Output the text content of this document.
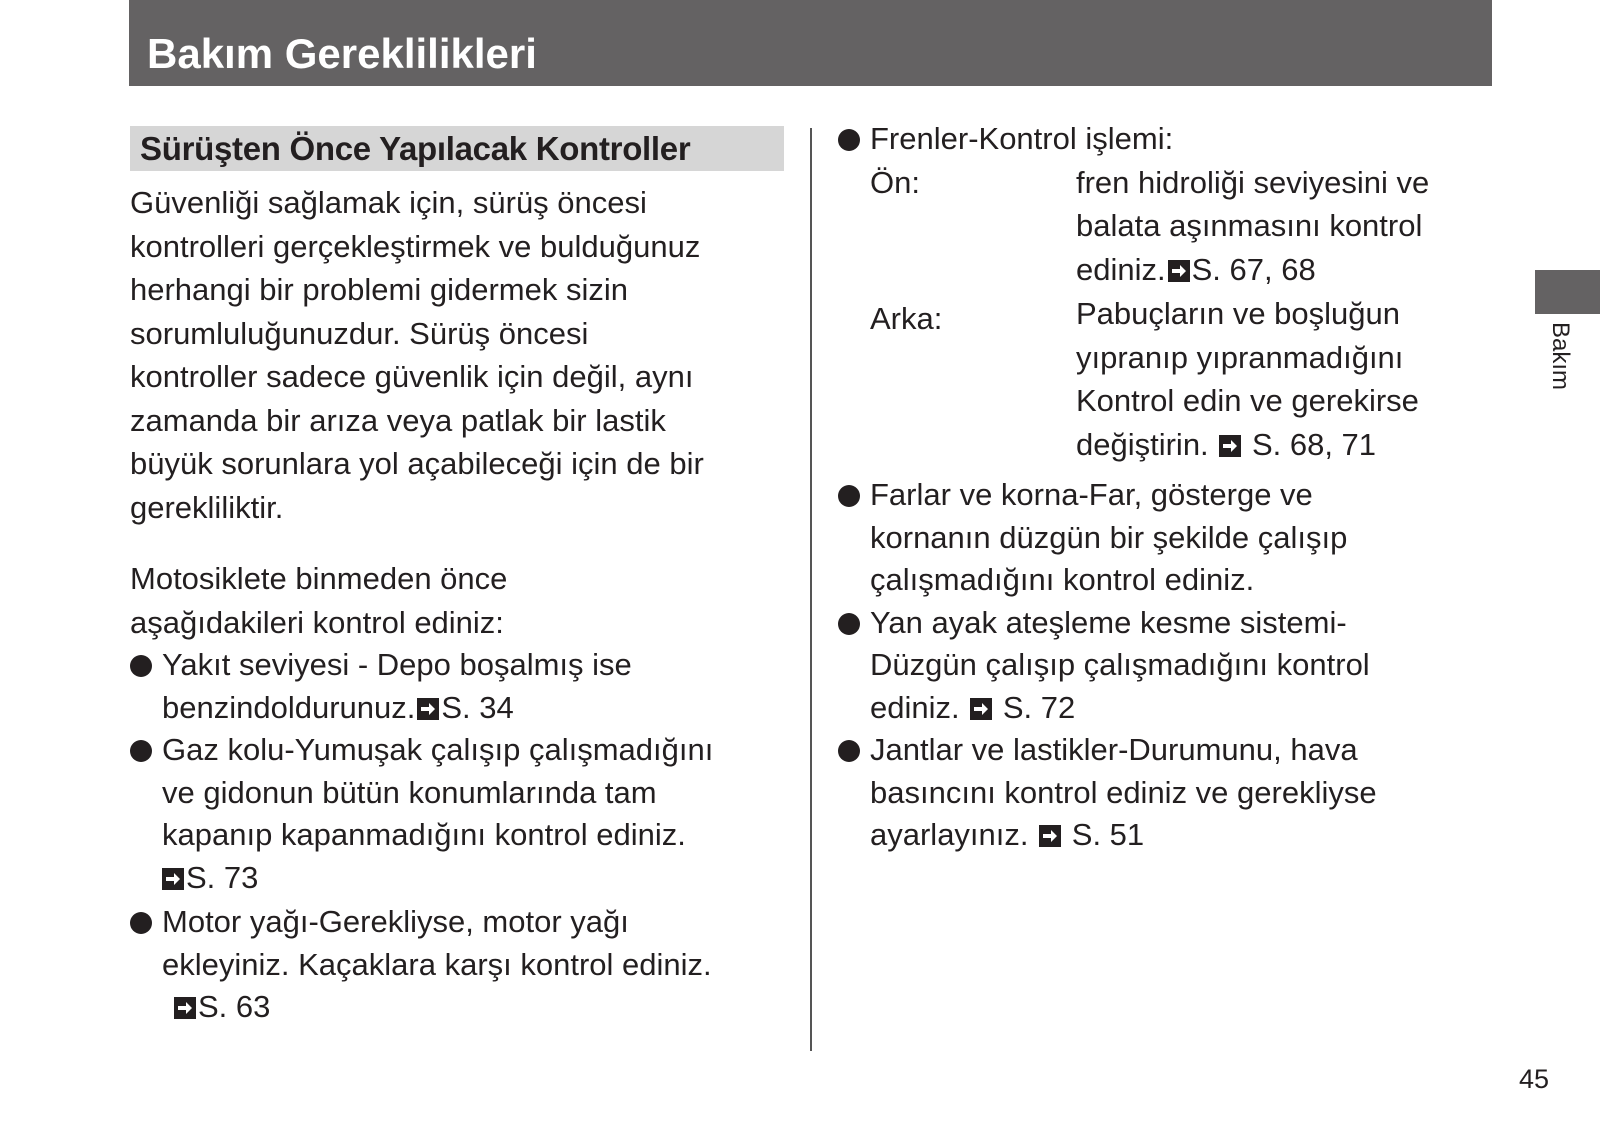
Bakım Gereklilikleri
Sürüşten Önce Yapılacak Kontroller

Güvenliği sağlamak için, sürüş öncesi

kontrolleri gerçekleştirmek ve bulduğunuz

herhangi bir problemi gidermek sizin

sorumluluğunuzdur. Sürüş öncesi

kontroller sadece güvenlik için değil, aynı

zamanda bir arıza veya patlak bir lastik

büyük sorunlara yol açabileceği için de bir

gerekliliktir.

Motosiklete binmeden önce

aşağıdakileri kontrol ediniz:

Yakıt seviyesi - Depo boşalmış ise
benzindoldurunuz. S. 34
Gaz kolu-Yumuşak çalışıp çalışmadığını
ve gidonun bütün konumlarında tam
kapanıp kapanmadığını kontrol ediniz.
S. 73
Motor yağı-Gerekliyse, motor yağı
ekleyiniz. Kaçaklara karşı kontrol ediniz.
S. 63
Frenler-Kontrol işlemi:
Ön:	fren hidroliği seviyesini ve
balata aşınmasını kontrol
ediniz. S. 67, 68
Arka:	Pabuçların ve boşluğun
yıpranıp yıpranmadığını
Kontrol edin ve gerekirse
değiştirin. S. 68, 71
Farlar ve korna-Far, gösterge ve
kornanın düzgün bir şekilde çalışıp
çalışmadığını kontrol ediniz.
Yan ayak ateşleme kesme sistemi-
Düzgün çalışıp çalışmadığını kontrol
ediniz. S. 72
Jantlar ve lastikler-Durumunu, hava
basıncını kontrol ediniz ve gerekliyse
ayarlayınız. S. 51
Bakım
45
